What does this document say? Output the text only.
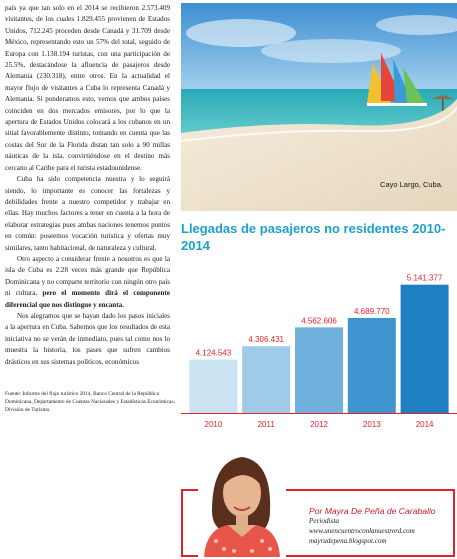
país ya que tan solo en el 2014 se recibieron 2.573.409 visitantes, de los cuales 1.829.455 provienen de Estados Unidos, 712.245 proceden desde Canadá y 31.709 desde México, representando esto un 57% del total, seguido de Europa con 1.138.194 turistas, con una participación de 25.5%, destacándose la afluencia de pasajeros desde Alemania (230.318), entre otros. En la actualidad el mayor flujo de visitantes a Cuba lo representa Canadá y Alemania. Si ponderamos esto, vemos que ambos países coinciden en dos mercados emisores, por lo que la apertura de Estados Unidos colocará a los cubanos en un sitial favorablemente distinto, tomando en cuenta que las costas del Sur de la Florida distan tan solo a 90 millas náuticas de la isla, convirtiéndose en el destino más cercano al Caribe para el turista estadounidense.

Cuba ha sido competencia nuestra y lo seguirá siendo, lo importante es conocer las fortalezas y debilidades frente a nuestro competidor y trabajar en ellas. Hay muchos factores a tener en cuenta a la hora de elaborar estrategias pues ambas naciones tenemos puntos en común: poseemos vocación turística y ofertas muy similares, tanto habitacional, de naturaleza y cultural.

Otro aspecto a considerar frente a nosotros es que la isla de Cuba es 2.28 veces más grande que República Dominicana y no comparte territorio con ningún otro país ni cultura, pero el momento dirá el componente diferencial que nos distingue y encanta.

Nos alegramos que se hayan dado los pasos iniciales a la apertura en Cuba. Sabemos que los resultados de esta iniciativa no se verán de inmediato, pues tal como nos lo muestra la historia, los pases que sufren cambios drásticos en sus sistemas políticos, económicos

Fuente: Informe del flujo turístico 2014, Banco Central de la República Dominicana, Departamento de Cuentas Nacionales y Estadísticas Económicas, División de Turismo.
Cayo Largo, Cuba.
Llegadas de pasajeros no residentes 2010-2014
4.124.543
2010
4.306.431
2011
4.562.606
2012
4.689.770
2013
5.141.377
2014
Por Mayra De Peña de Caraballo
Periodista
www.unencuentroconlanuestrord.com
mayradepena.blogspot.com
